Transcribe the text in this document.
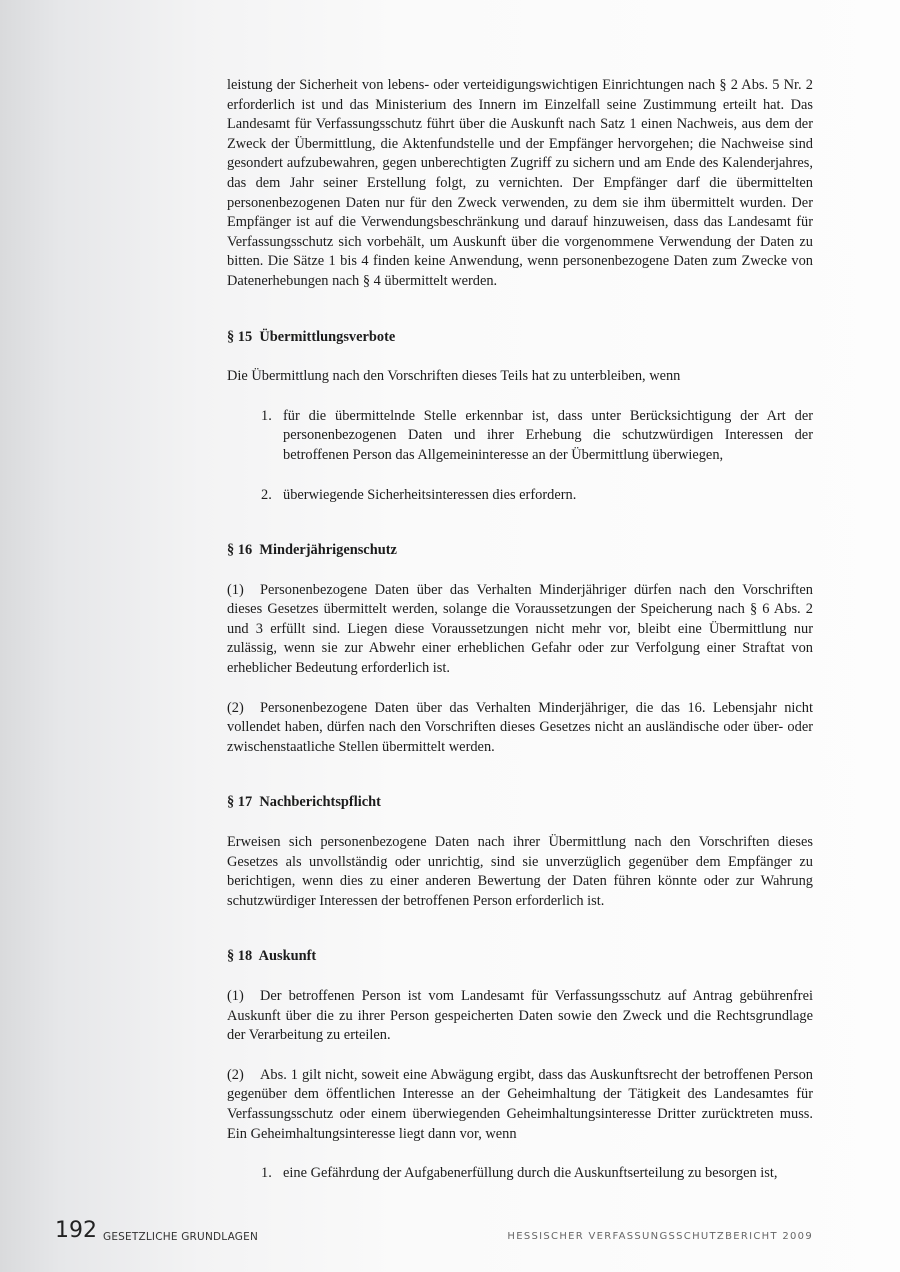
leistung der Sicherheit von lebens- oder verteidigungswichtigen Einrichtungen nach § 2 Abs. 5 Nr. 2 erforderlich ist und das Ministerium des Innern im Einzelfall seine Zustimmung erteilt hat. Das Landesamt für Verfassungsschutz führt über die Auskunft nach Satz 1 einen Nachweis, aus dem der Zweck der Übermittlung, die Aktenfundstelle und der Empfänger hervorgehen; die Nachweise sind gesondert aufzubewahren, gegen unberechtigten Zugriff zu sichern und am Ende des Kalenderjahres, das dem Jahr seiner Erstellung folgt, zu vernichten. Der Empfänger darf die übermittelten personenbezogenen Daten nur für den Zweck verwenden, zu dem sie ihm übermittelt wurden. Der Empfänger ist auf die Verwendungsbeschränkung und darauf hinzuweisen, dass das Landesamt für Verfassungsschutz sich vorbehält, um Auskunft über die vorgenommene Verwendung der Daten zu bitten. Die Sätze 1 bis 4 finden keine Anwendung, wenn personenbezogene Daten zum Zwecke von Datenerhebungen nach § 4 übermittelt werden.

§ 15  Übermittlungsverbote

Die Übermittlung nach den Vorschriften dieses Teils hat zu unterbleiben, wenn

1. für die übermittelnde Stelle erkennbar ist, dass unter Berücksichtigung der Art der personenbezogenen Daten und ihrer Erhebung die schutzwürdigen Interessen der betroffenen Person das Allgemeininteresse an der Übermittlung überwiegen,
2. überwiegende Sicherheitsinteressen dies erfordern.

§ 16  Minderjährigenschutz

(1) Personenbezogene Daten über das Verhalten Minderjähriger dürfen nach den Vorschriften dieses Gesetzes übermittelt werden, solange die Voraussetzungen der Speicherung nach § 6 Abs. 2 und 3 erfüllt sind. Liegen diese Voraussetzungen nicht mehr vor, bleibt eine Übermittlung nur zulässig, wenn sie zur Abwehr einer erheblichen Gefahr oder zur Verfolgung einer Straftat von erheblicher Bedeutung erforderlich ist.

(2) Personenbezogene Daten über das Verhalten Minderjähriger, die das 16. Lebensjahr nicht vollendet haben, dürfen nach den Vorschriften dieses Gesetzes nicht an ausländische oder über- oder zwischenstaatliche Stellen übermittelt werden.

§ 17  Nachberichtspflicht

Erweisen sich personenbezogene Daten nach ihrer Übermittlung nach den Vorschriften dieses Gesetzes als unvollständig oder unrichtig, sind sie unverzüglich gegenüber dem Empfänger zu berichtigen, wenn dies zu einer anderen Bewertung der Daten führen könnte oder zur Wahrung schutzwürdiger Interessen der betroffenen Person erforderlich ist.

§ 18  Auskunft

(1) Der betroffenen Person ist vom Landesamt für Verfassungsschutz auf Antrag gebührenfrei Auskunft über die zu ihrer Person gespeicherten Daten sowie den Zweck und die Rechtsgrundlage der Verarbeitung zu erteilen.

(2) Abs. 1 gilt nicht, soweit eine Abwägung ergibt, dass das Auskunftsrecht der betroffenen Person gegenüber dem öffentlichen Interesse an der Geheimhaltung der Tätigkeit des Landesamtes für Verfassungsschutz oder einem überwiegenden Geheimhaltungsinteresse Dritter zurücktreten muss. Ein Geheimhaltungsinteresse liegt dann vor, wenn

1. eine Gefährdung der Aufgabenerfüllung durch die Auskunftserteilung zu besorgen ist,
192 GESETZLICHE GRUNDLAGEN	HESSISCHER VERFASSUNGSSCHUTZBERICHT 2009
